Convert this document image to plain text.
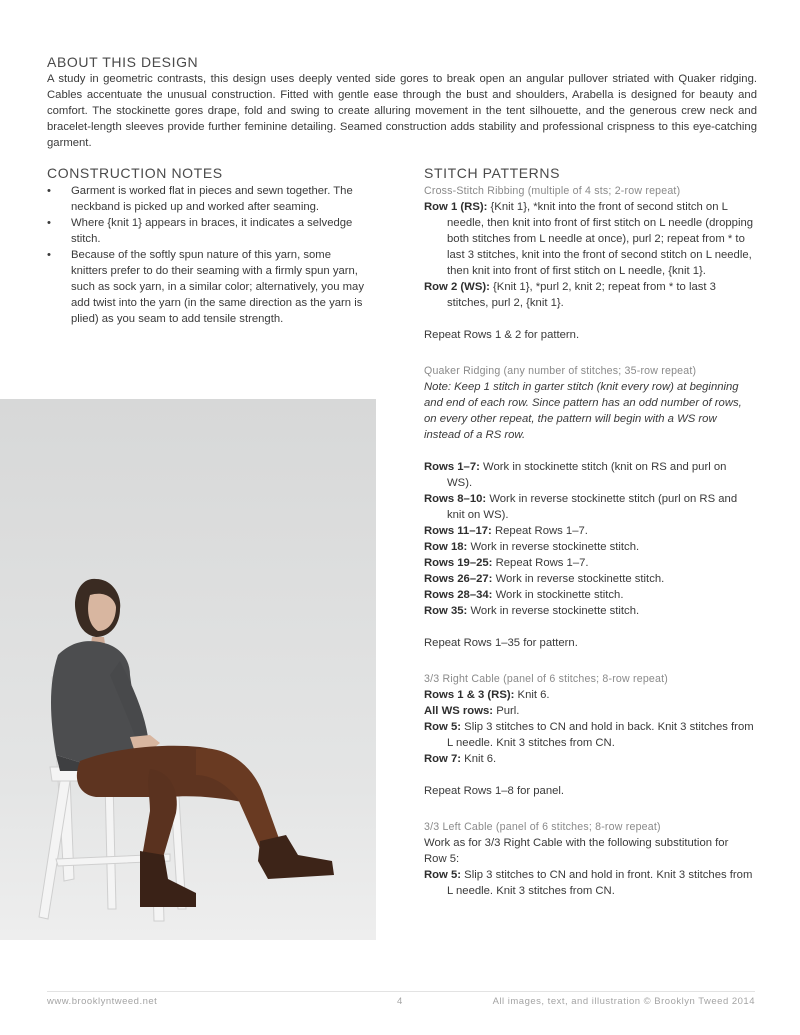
ABOUT THIS DESIGN
A study in geometric contrasts, this design uses deeply vented side gores to break open an angular pullover striated with Quaker ridging. Cables accentuate the unusual construction. Fitted with gentle ease through the bust and shoulders, Arabella is designed for beauty and comfort. The stockinette gores drape, fold and swing to create alluring movement in the tent silhouette, and the generous crew neck and bracelet-length sleeves provide further feminine detailing. Seamed construction adds stability and professional crispness to this eye-catching garment.
CONSTRUCTION NOTES
• Garment is worked flat in pieces and sewn together. The neckband is picked up and worked after seaming.
• Where {knit 1} appears in braces, it indicates a selvedge stitch.
• Because of the softly spun nature of this yarn, some knitters prefer to do their seaming with a firmly spun yarn, such as sock yarn, in a similar color; alternatively, you may add twist into the yarn (in the same direction as the yarn is plied) as you seam to add tensile strength.
STITCH PATTERNS
Cross-Stitch Ribbing (multiple of 4 sts; 2-row repeat)
Row 1 (RS): {Knit 1}, *knit into the front of second stitch on L needle, then knit into front of first stitch on L needle (dropping both stitches from L needle at once), purl 2; repeat from * to last 3 stitches, knit into the front of second stitch on L needle, then knit into front of first stitch on L needle, {knit 1}.
Row 2 (WS): {Knit 1}, *purl 2, knit 2; repeat from * to last 3 stitches, purl 2, {knit 1}.
Repeat Rows 1 & 2 for pattern.
Quaker Ridging (any number of stitches; 35-row repeat)
Note: Keep 1 stitch in garter stitch (knit every row) at beginning and end of each row. Since pattern has an odd number of rows, on every other repeat, the pattern will begin with a WS row instead of a RS row.
Rows 1–7: Work in stockinette stitch (knit on RS and purl on WS).
Rows 8–10: Work in reverse stockinette stitch (purl on RS and knit on WS).
Rows 11–17: Repeat Rows 1–7.
Row 18: Work in reverse stockinette stitch.
Rows 19–25: Repeat Rows 1–7.
Rows 26–27: Work in reverse stockinette stitch.
Rows 28–34: Work in stockinette stitch.
Row 35: Work in reverse stockinette stitch.
Repeat Rows 1–35 for pattern.
3/3 Right Cable (panel of 6 stitches; 8-row repeat)
Rows 1 & 3 (RS): Knit 6.
All WS rows: Purl.
Row 5: Slip 3 stitches to CN and hold in back. Knit 3 stitches from L needle. Knit 3 stitches from CN.
Row 7: Knit 6.
Repeat Rows 1–8 for panel.
3/3 Left Cable (panel of 6 stitches; 8-row repeat)
Work as for 3/3 Right Cable with the following substitution for Row 5:
Row 5: Slip 3 stitches to CN and hold in front. Knit 3 stitches from L needle. Knit 3 stitches from CN.
www.brooklyntweed.net	4	All images, text, and illustration © Brooklyn Tweed 2014
